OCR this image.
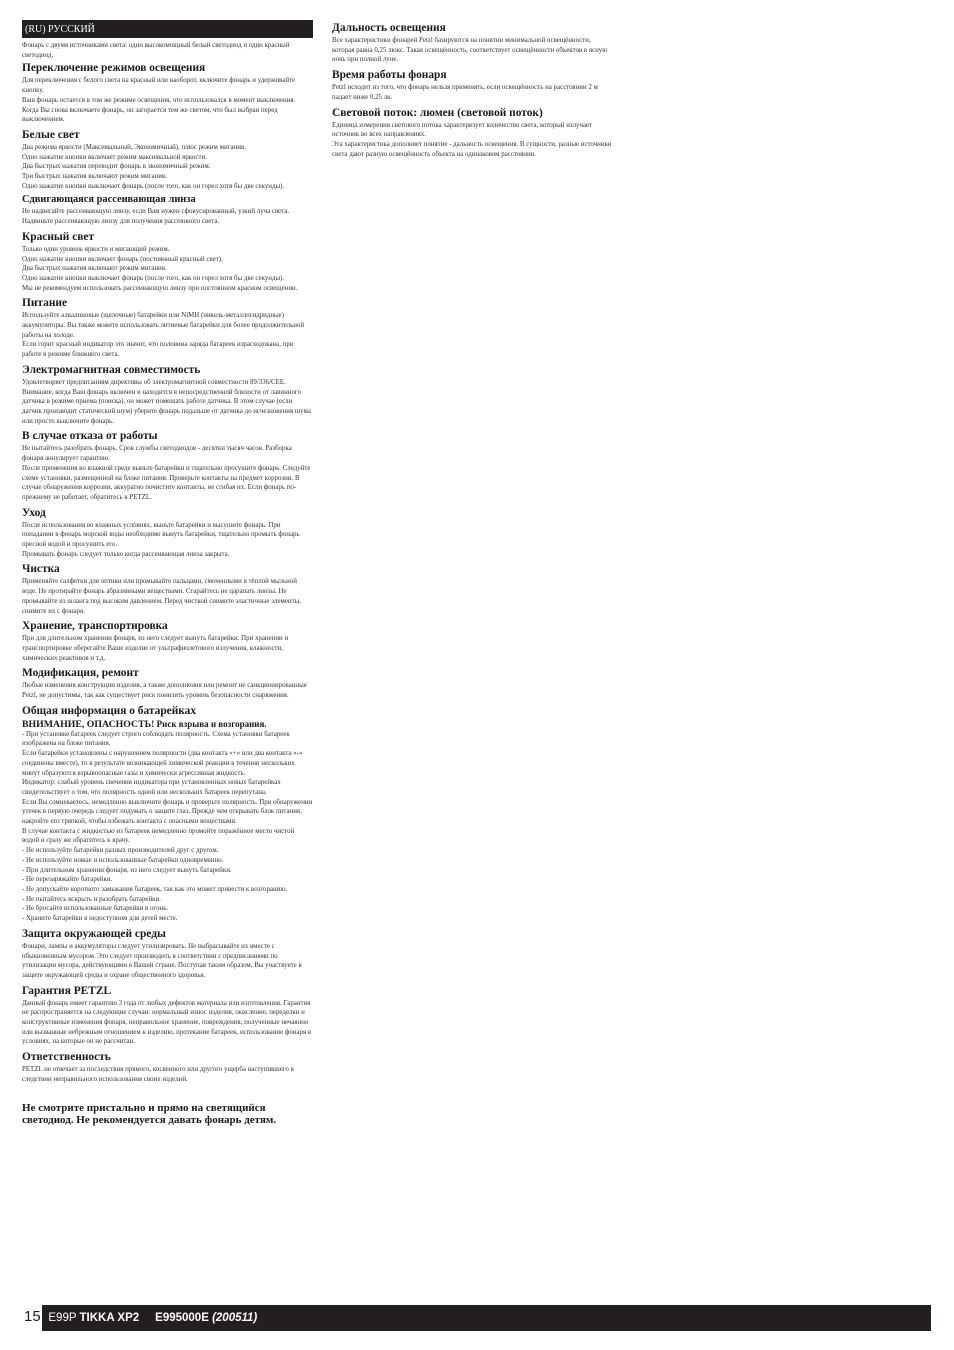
(RU) РУССКИЙ

Фонарь с двумя источниками света: один высокомощный белый светодиод и один красный светодиод.

Переключение режимов освещения

Для переключения с белого света на красный или наоборот, включите фонарь и удерживайте кнопку.
Ваш фонарь остается в том же режиме освещения, что использовался в момент выключения. Когда Вы снова включаете фонарь, он загорается тем же светом, что был выбран перед выключением.

Белые свет

Два режима яркости (Максимальный, Экономичный), плюс режим мигания.
Одно нажатие кнопки включает режим максимальной яркости.
Два быстрых нажатия переводит фонарь в экономичный режим.
Три быстрых нажатия включают режим мигания.
Одно нажатие кнопки выключает фонарь (после того, как он горел хотя бы две секунды).

Сдвигающаяся рассеивающая линза

Не надвигайте рассеивающую линзу, если Вам нужен сфокусированный, узкий луча света.
Надвиньте рассеивающую линзу для получения рассеянного света.

Красный свет

Только один уровень яркости и мигающий режим.
Одно нажатие кнопки включает фонарь (постоянный красный свет).
Два быстрых нажатия включают режим мигания.
Одно нажатие кнопки выключает фонарь (после того, как он горел хотя бы две секунды).
Мы не рекомендуем использовать рассеивающую линзу при постоянном красном освещении.

Питание

Используйте алкалиновые (щелочные) батарейки или NiMH (никель-металлогидридные) аккумуляторы. Вы также можете использовать литиевые батарейки для более продолжительной работы на холоде.
Если горит красный индикатор это значит, что половина заряда батареек израсходована, при работе в режиме ближнего света.

Электромагнитная совместимость

Удовлетворяет предписаниям директивы об электромагнитной совместности 89/336/CEE.
Внимание, когда Ваш фонарь включен и находится в непосредственной близости от лавинного датчика в режиме приема (поиска), он может помешать работе датчика. В этом случае (если датчик производит статический шум) уберите фонарь подальше от датчика до исчезновения шума или просто выключите фонарь.

В случае отказа от работы

Не пытайтесь разобрать фонарь. Срок службы светодиодов - десятки тысяч часов. Разборка фонаря аннулирует гарантию.
После применения во влажной среде выньте батарейки и тщательно просушите фонарь. Следуйте схеме установки, размещенной на блоке питания. Проверьте контакты на предмет коррозии. В случае обнаружения коррозии, аккуратно почистите контакты, не сгибая их. Если фонарь по-прежнему не работает, обратитесь к PETZL.

Уход

После использования во влажных условиях, выньте батарейки и высушите фонарь. При попадании в фонарь морской воды необходимо вынуть батарейки, тщательно промыть фонарь пресной водой и просушить его.
Промывать фонарь следует только когда рассеивающая линза закрыта.

Чистка

Применяйте салфетки для оптики или промывайте пальцами, смоченными в тёплой мыльной воде. Не протирайте фонарь абразивными веществами. Старайтесь не царапать линзы. Не промывайте из шланга под высоким давлением. Перед чисткой снимите эластичные элементы, снимите их с фонаря.

Хранение, транспортировка

При для длительном хранении фонаря, из него следует вынуть батарейки. При хранении и транспортировке оберегайте Ваше изделие от ультрафиолетового излучения, влажности, химических реактивов и т.д.

Модификация, ремонт

Любые изменения конструкции изделия, а также дополнения или ремонт не санкционированные Petzl, не допустимы, так как существует риск понизить уровень безопасности снаряжения.

Общая информация о батарейках
ВНИМАНИЕ, ОПАСНОСТЬ! Риск взрыва и возгорания.

- При установке батареек следует строго соблюдать полярность. Схема установки батареек изображена на блоке питания.
Если батарейки установлены с нарушением полярности (два контакта «+» или два контакта «-» соединены вместе), то в результате возникающей химической реакции в течении нескольких минут образуются взрывоопасные газы и химически агрессивная жидкость.
Индикатор: слабый уровень свечения индикатора при установленных новых батарейках свидетельствует о том, что полярность одной или нескольких батареек перепутана.
Если Вы сомневаетесь, немедленно выключите фонарь и проверьте полярность. При обнаружении утечек в первую очередь следует подумать о защите глаз. Прежде чем открывать блок питания, накройте его тряпкой, чтобы избежать контакта с опасными веществами.
В случае контакта с жидкостью из батареек немедленно промойте поражённое место чистой водой и сразу же обратитесь к врачу.
- Не используйте батарейки разных производителей друг с другом.
- Не используйте новые и использованные батарейки одновременно.
- При длительном хранении фонаря, из него следует вынуть батарейки.
- Не перезаряжайте батарейки.
- Не допускайте короткого замыкания батареек, так как это может привести к возгоранию.
- Не пытайтесь вскрыть и разобрать батарейки.
- Не бросайте использованные батарейки в огонь.
- Храните батарейки в недоступном для детей месте.

Защита окружающей среды

Фонари, лампы и аккумуляторы следует утилизировать. Не выбрасывайте их вместе с обыкновенным мусором. Это следует производить в соответствии с предписаниями по утилизации мусора, действующими в Вашей стране. Поступая таким образом, Вы участвуете в защите окружающей среды и охране общественного здоровья.

Гарантия PETZL

Данный фонарь имеет гарантию 3 года от любых дефектов материала или изготовления. Гарантия не распространяется на следующие случаи: нормальный износ изделия, окисление, переделки и конструктивные изменения фонаря, неправильное хранение, повреждения, полученные нечаянно или вызванные небрежным отношением к изделию, протекание батареек, использование фонаря в условиях, на которые он не рассчитан.

Ответственность

PETZL не отвечает за последствия прямого, косвенного или другого ущерба наступившего в следствии неправильного использования своих изделий.

Не смотрите пристально и прямо на светящийся светодиод. Не рекомендуется давать фонарь детям.
Дальность освещения

Все характеристики фонарей Petzl базируются на понятии минимальной освещённости, которая равна 0,25 люкс. Такая освещённость, соответствует освещённости объектов в ясную ночь при полной луне.

Время работы фонаря

Petzl исходит из того, что фонарь нельзя применять, если освещённость на расстоянии 2 м падает ниже 0,25 лк.

Световой поток: люмен (световой поток)

Единица измерения светового потока характеризует количество света, который излучает источник во всех направлениях.
Эта характеристика дополняет понятие - дальность освещения. В сущности, разные источники света дают разную освещённость объекта на одинаковом расстоянии.

15 E99P TIKKA XP2 E995000E (200511)
